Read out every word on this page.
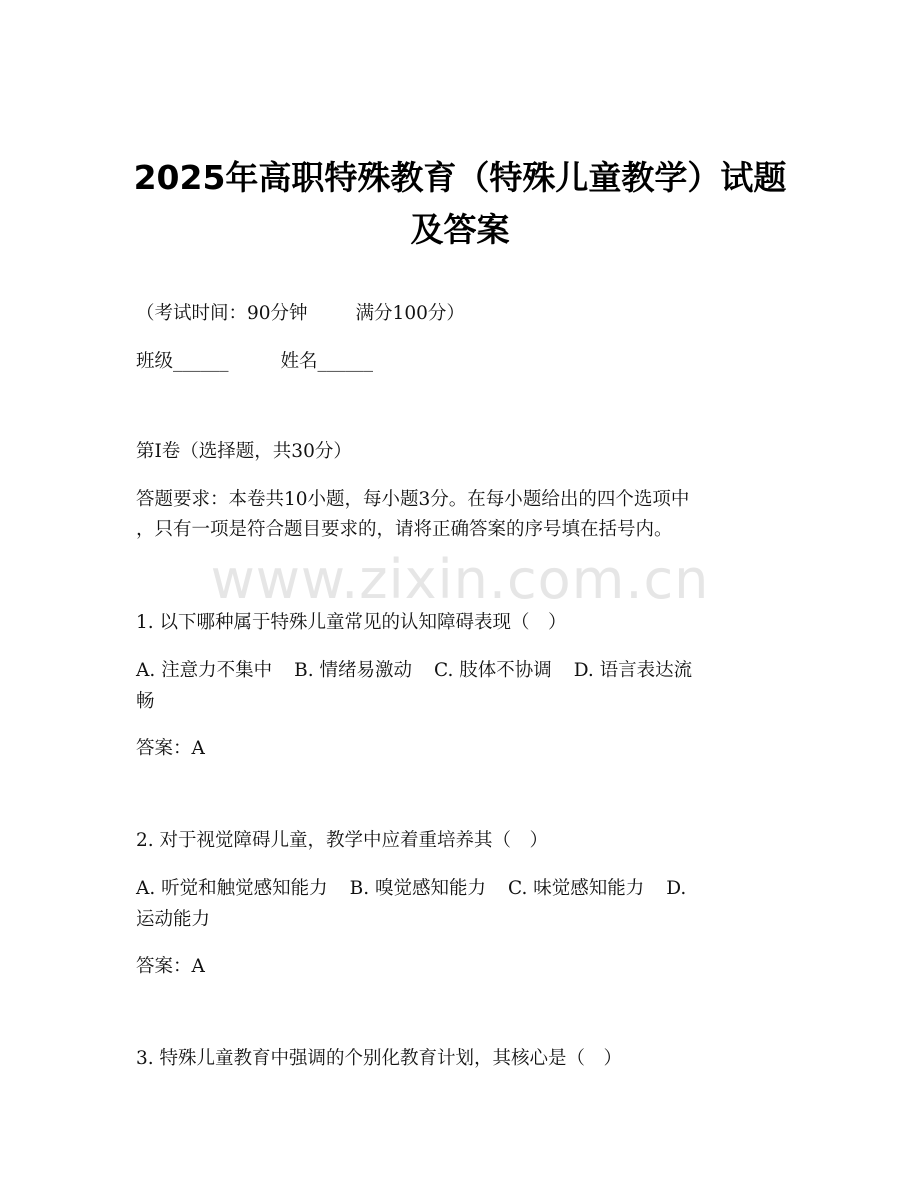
2025年高职特殊教育（特殊儿童教学）试题
及答案
（考试时间：90分钟	满分100分）
班级______	姓名______
第I卷（选择题，共30分）
答题要求：本卷共10小题，每小题3分。在每小题给出的四个选项中
，只有一项是符合题目要求的，请将正确答案的序号填在括号内。
www.zixin.com.cn
1. 以下哪种属于特殊儿童常见的认知障碍表现（　）
A. 注意力不集中 B. 情绪易激动 C. 肢体不协调 D. 语言表达流
畅
答案：A
2. 对于视觉障碍儿童，教学中应着重培养其（　）
A. 听觉和触觉感知能力 B. 嗅觉感知能力 C. 味觉感知能力 D.
运动能力
答案：A
3. 特殊儿童教育中强调的个别化教育计划，其核心是（　）
